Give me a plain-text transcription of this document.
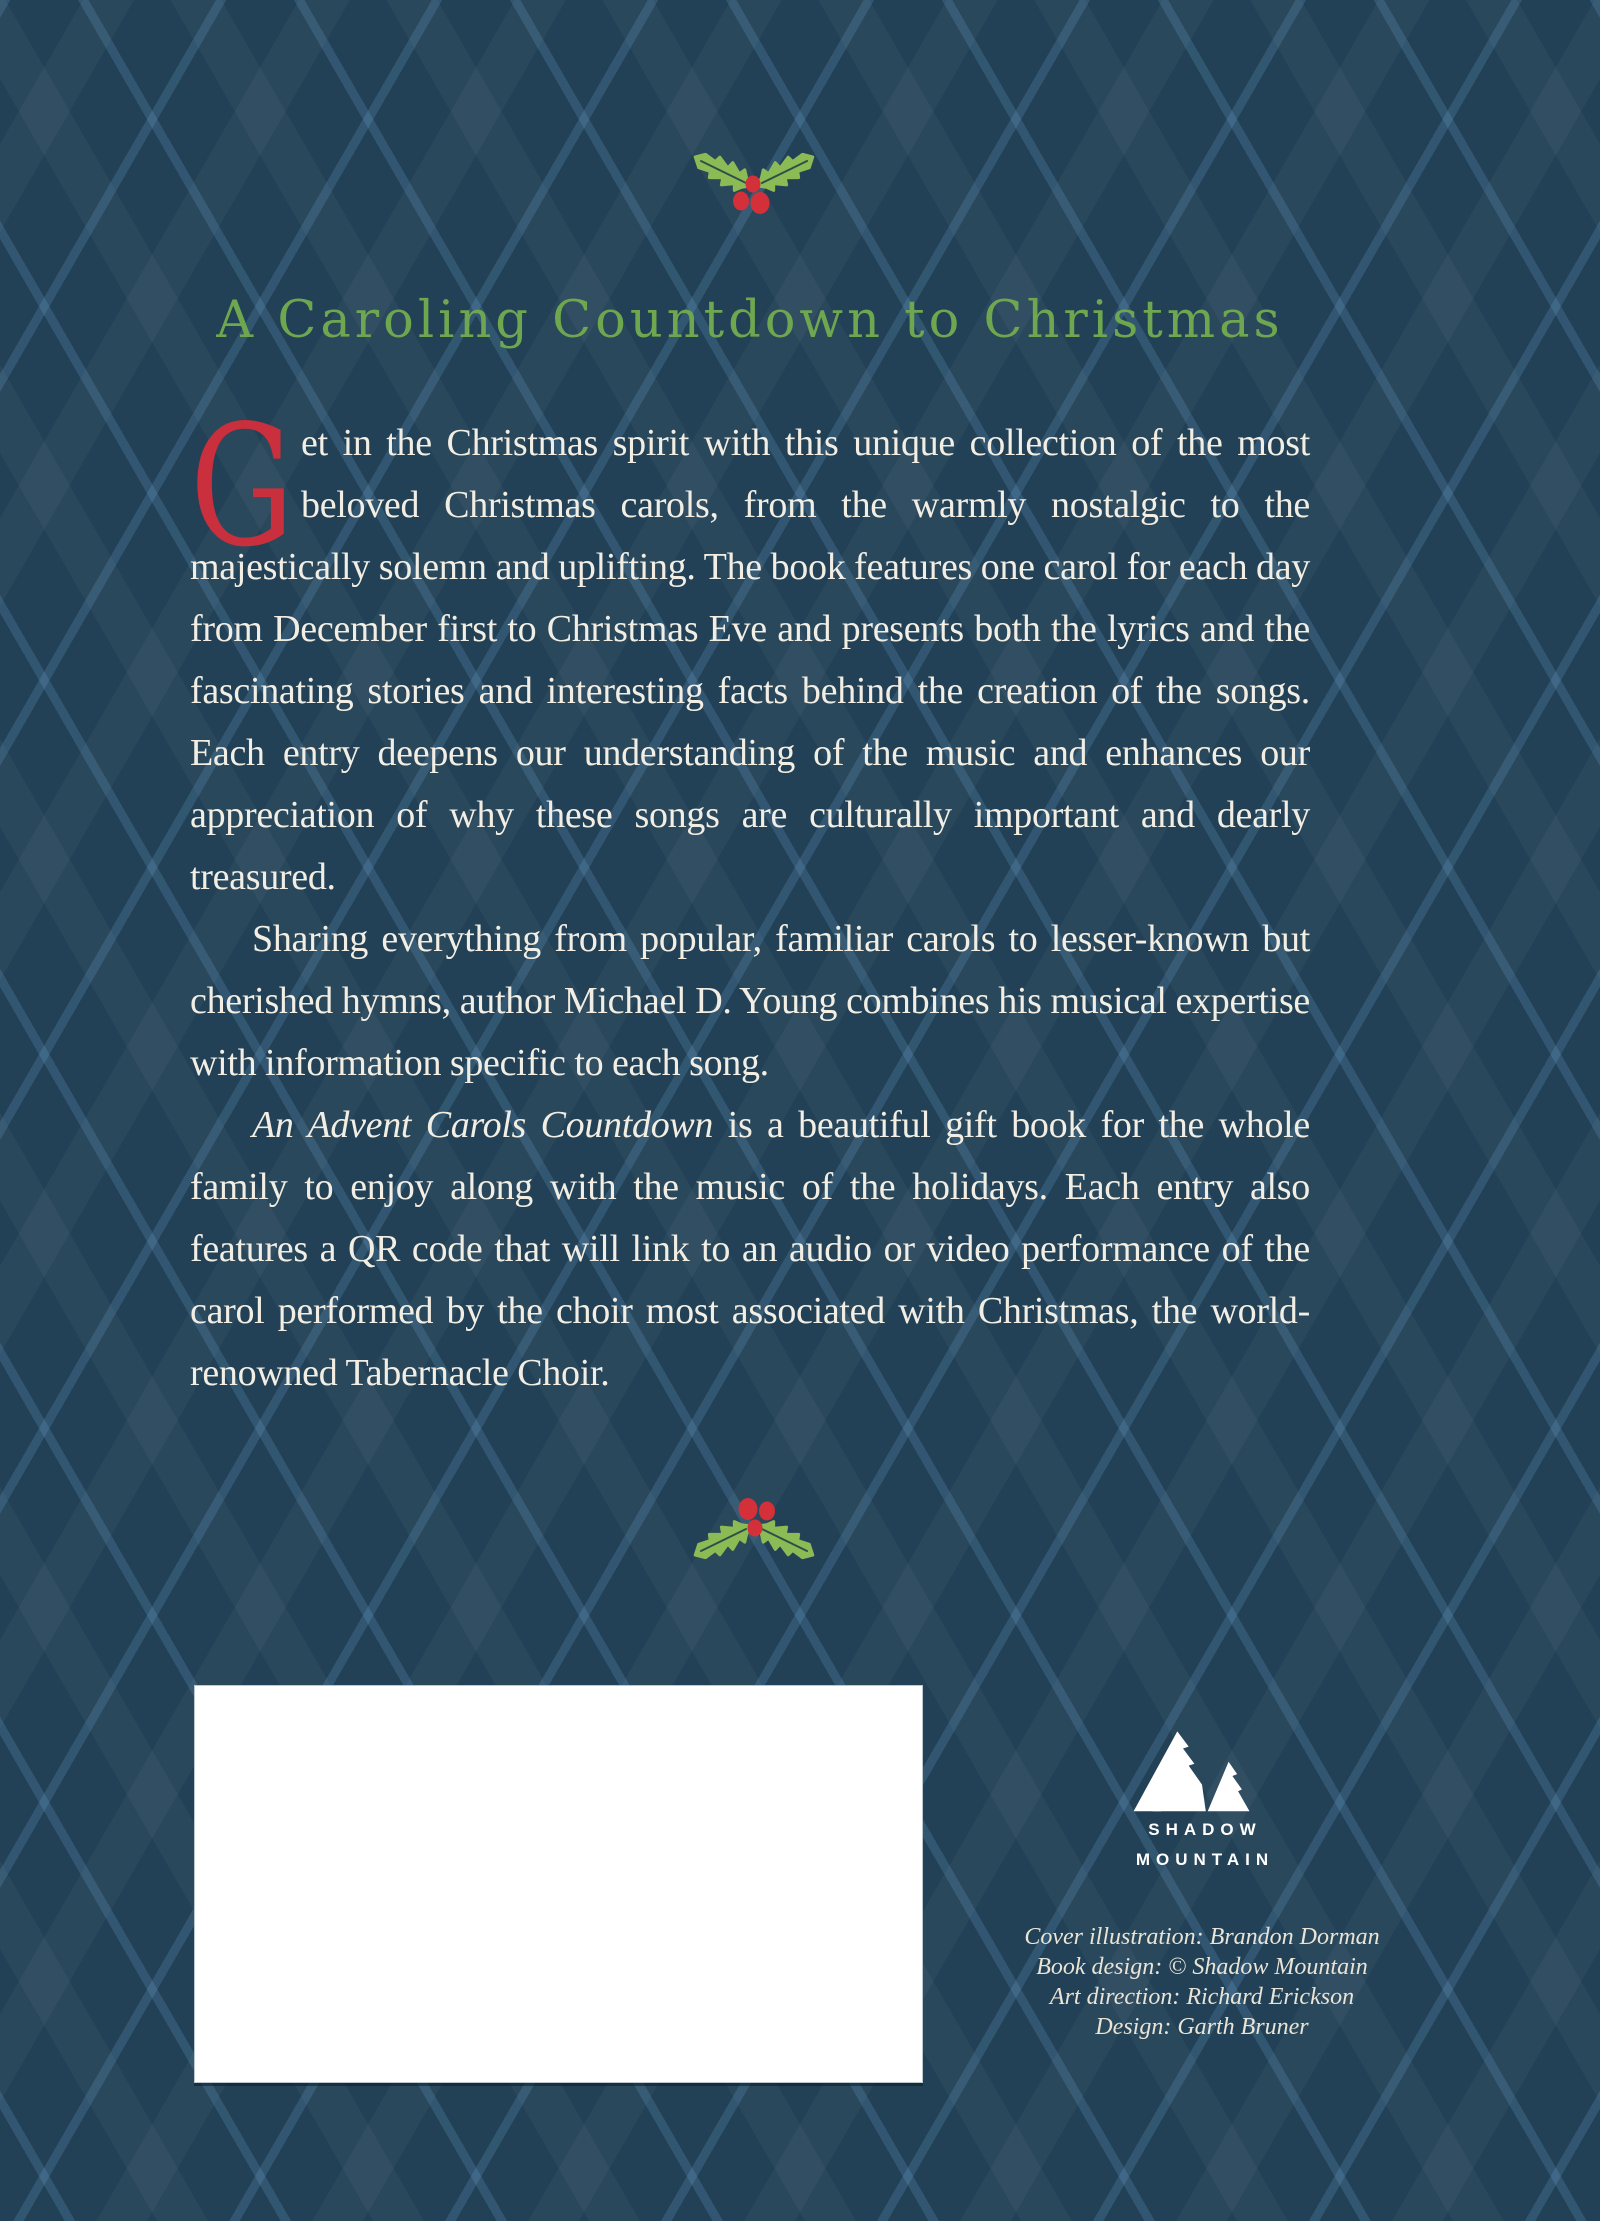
A Caroling Countdown to Christmas

Get in the Christmas spirit with this unique collection of the most beloved Christmas carols, from the warmly nostalgic to the majestically solemn and uplifting. The book features one carol for each day from December first to Christmas Eve and presents both the lyrics and the fascinating stories and interesting facts behind the creation of the songs. Each entry deepens our understanding of the music and enhances our appreciation of why these songs are culturally important and dearly treasured.

Sharing everything from popular, familiar carols to lesser-known but cherished hymns, author Michael D. Young combines his musical expertise with information specific to each song.

An Advent Carols Countdown is a beautiful gift book for the whole family to enjoy along with the music of the holidays. Each entry also features a QR code that will link to an audio or video performance of the carol performed by the choir most associated with Christmas, the world-renowned Tabernacle Choir.

SHADOW
MOUNTAIN
Cover illustration: Brandon Dorman
Book design: © Shadow Mountain
Art direction: Richard Erickson
Design: Garth Bruner
